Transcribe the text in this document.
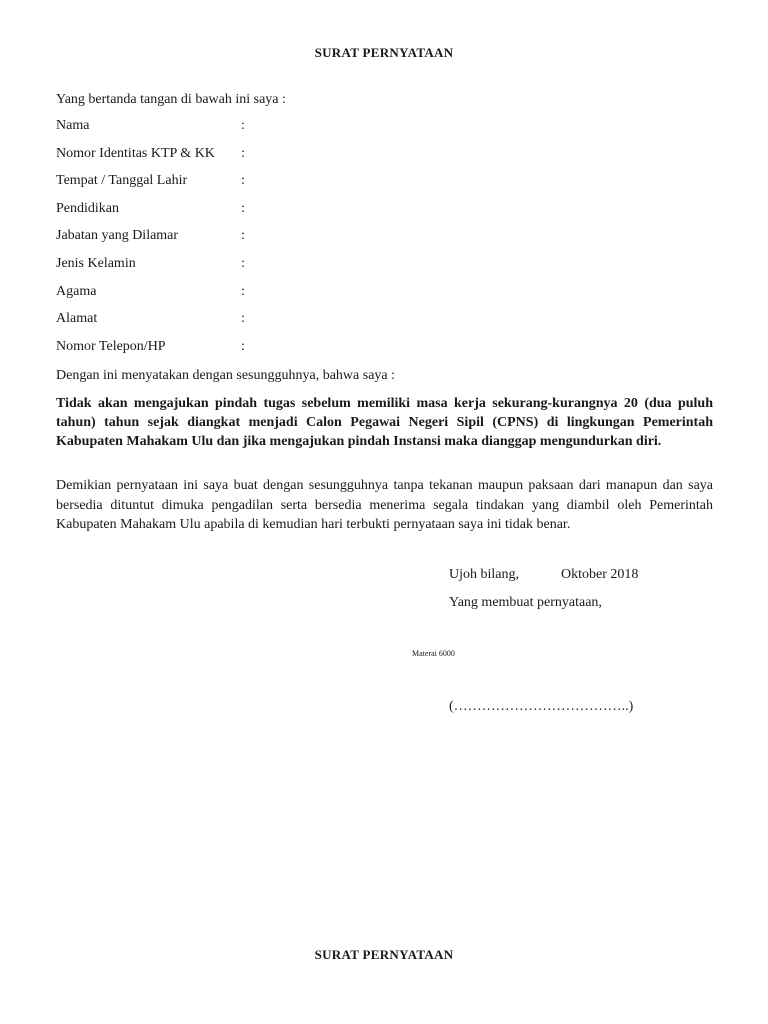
SURAT PERNYATAAN
Yang bertanda tangan di bawah ini saya :
Nama	:
Nomor Identitas KTP & KK :
Tempat / Tanggal Lahir	:
Pendidikan	:
Jabatan yang Dilamar	:
Jenis Kelamin	:
Agama	:
Alamat	:
Nomor Telepon/HP	:
Dengan ini menyatakan dengan sesungguhnya, bahwa saya :
Tidak akan mengajukan pindah tugas sebelum memiliki masa kerja sekurang-kurangnya 20 (dua puluh tahun) tahun sejak diangkat menjadi Calon Pegawai Negeri Sipil (CPNS) di lingkungan Pemerintah Kabupaten Mahakam Ulu dan jika mengajukan pindah Instansi maka dianggap mengundurkan diri.
Demikian pernyataan ini saya buat dengan sesungguhnya tanpa tekanan maupun paksaan dari manapun dan saya bersedia dituntut dimuka pengadilan serta bersedia menerima segala tindakan yang diambil oleh Pemerintah Kabupaten Mahakam Ulu apabila di kemudian hari terbukti pernyataan saya ini tidak benar.
Ujoh bilang,	Oktober 2018
Yang membuat pernyataan,
Materai 6000
(………………………………..)
SURAT PERNYATAAN
